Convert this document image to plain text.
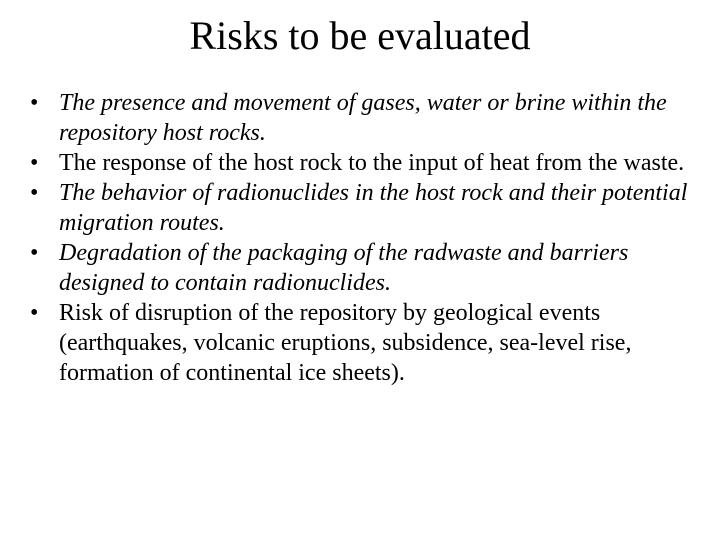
Risks to be evaluated
• The presence and movement of gases, water or brine within the repository host rocks.
• The response of the host rock to the input of heat from the waste.
• The behavior of radionuclides in the host rock and their potential migration routes.
• Degradation of the packaging of the radwaste and barriers designed to contain radionuclides.
• Risk of disruption of the repository by geological events (earthquakes, volcanic eruptions, subsidence, sea-level rise, formation of continental ice sheets).
